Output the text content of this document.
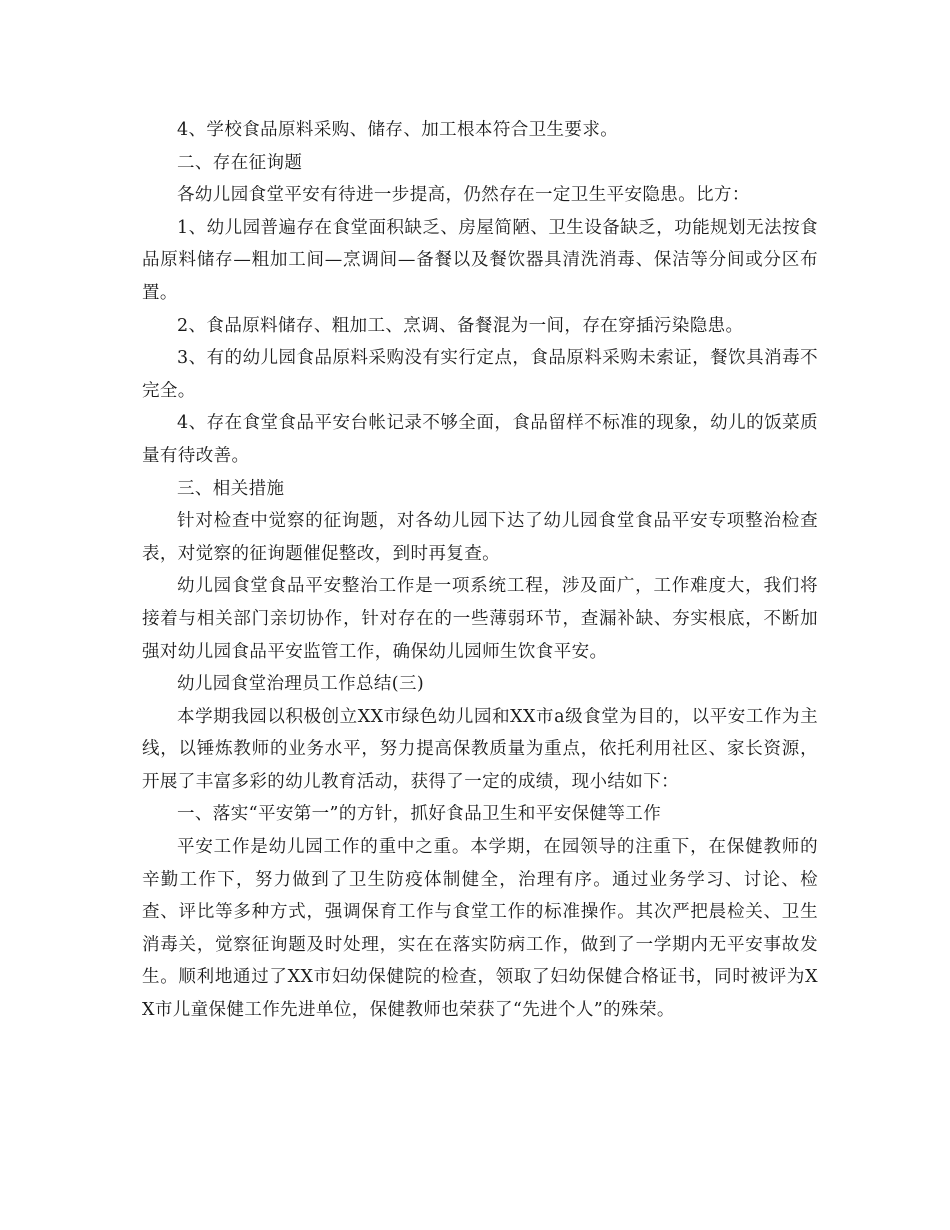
4、学校食品原料采购、储存、加工根本符合卫生要求。

二、存在征询题

各幼儿园食堂平安有待进一步提高，仍然存在一定卫生平安隐患。比方：

1、幼儿园普遍存在食堂面积缺乏、房屋简陋、卫生设备缺乏，功能规划无法按食品原料储存—粗加工间—烹调间—备餐以及餐饮器具清洗消毒、保洁等分间或分区布置。

2、食品原料储存、粗加工、烹调、备餐混为一间，存在穿插污染隐患。

3、有的幼儿园食品原料采购没有实行定点，食品原料采购未索证，餐饮具消毒不完全。

4、存在食堂食品平安台帐记录不够全面，食品留样不标准的现象，幼儿的饭菜质量有待改善。

三、相关措施

针对检查中觉察的征询题，对各幼儿园下达了幼儿园食堂食品平安专项整治检查表，对觉察的征询题催促整改，到时再复查。

幼儿园食堂食品平安整治工作是一项系统工程，涉及面广，工作难度大，我们将接着与相关部门亲切协作，针对存在的一些薄弱环节，查漏补缺、夯实根底，不断加强对幼儿园食品平安监管工作，确保幼儿园师生饮食平安。

幼儿园食堂治理员工作总结(三)

本学期我园以积极创立XX市绿色幼儿园和XX市a级食堂为目的，以平安工作为主线，以锤炼教师的业务水平，努力提高保教质量为重点，依托利用社区、家长资源，开展了丰富多彩的幼儿教育活动，获得了一定的成绩，现小结如下：

一、落实“平安第一”的方针，抓好食品卫生和平安保健等工作

平安工作是幼儿园工作的重中之重。本学期，在园领导的注重下，在保健教师的辛勤工作下，努力做到了卫生防疫体制健全，治理有序。通过业务学习、讨论、检查、评比等多种方式，强调保育工作与食堂工作的标准操作。其次严把晨检关、卫生消毒关，觉察征询题及时处理，实在在落实防病工作，做到了一学期内无平安事故发生。顺利地通过了XX市妇幼保健院的检查，领取了妇幼保健合格证书，同时被评为XX市儿童保健工作先进单位，保健教师也荣获了“先进个人”的殊荣。
